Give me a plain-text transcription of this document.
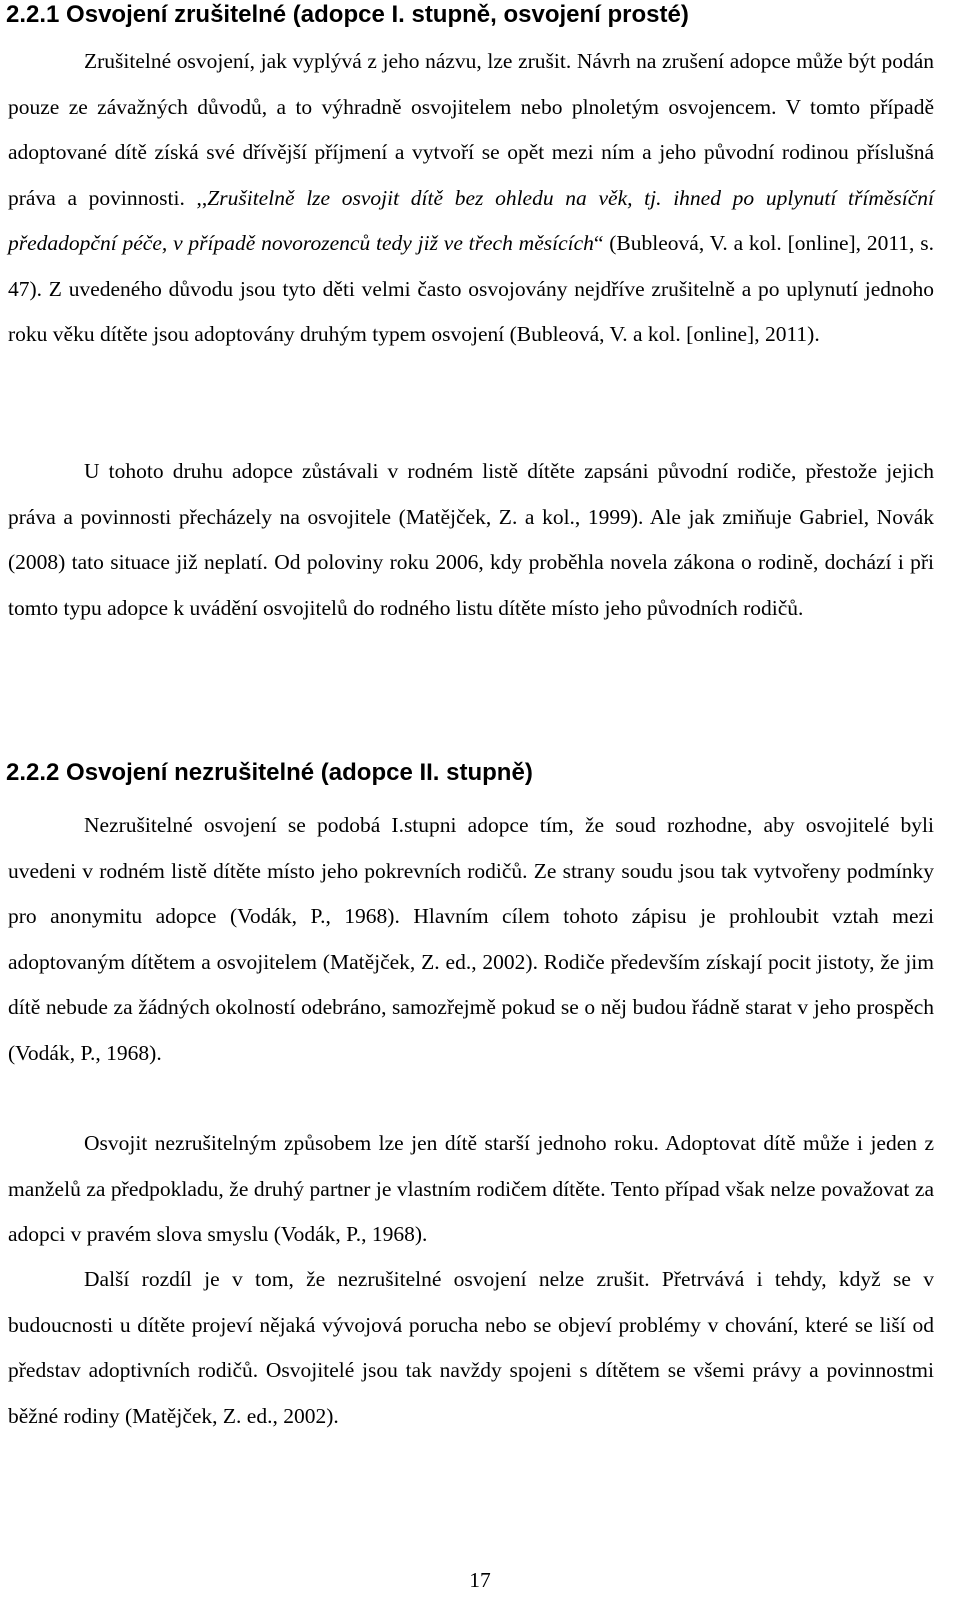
2.2.1 Osvojení zrušitelné (adopce I. stupně, osvojení prosté)

Zrušitelné osvojení, jak vyplývá z jeho názvu, lze zrušit. Návrh na zrušení adopce může být podán pouze ze závažných důvodů, a to výhradně osvojitelem nebo plnoletým osvojencem. V tomto případě adoptované dítě získá své dřívější příjmení a vytvoří se opět mezi ním a jeho původní rodinou příslušná práva a povinnosti. ,,Zrušitelně lze osvojit dítě bez ohledu na věk, tj. ihned po uplynutí tříměsíční předadopční péče, v případě novorozenců tedy již ve třech měsících“ (Bubleová, V. a kol. [online], 2011, s. 47). Z uvedeného důvodu jsou tyto děti velmi často osvojovány nejdříve zrušitelně a po uplynutí jednoho roku věku dítěte jsou adoptovány druhým typem osvojení (Bubleová, V. a kol. [online], 2011).

U tohoto druhu adopce zůstávali v rodném listě dítěte zapsáni původní rodiče, přestože jejich práva a povinnosti přecházely na osvojitele (Matějček, Z. a kol., 1999). Ale jak zmiňuje Gabriel, Novák (2008) tato situace již neplatí. Od poloviny roku 2006, kdy proběhla novela zákona o rodině, dochází i při tomto typu adopce k uvádění osvojitelů do rodného listu dítěte místo jeho původních rodičů.

2.2.2 Osvojení nezrušitelné (adopce II. stupně)

Nezrušitelné osvojení se podobá I.stupni adopce tím, že soud rozhodne, aby osvojitelé byli uvedeni v rodném listě dítěte místo jeho pokrevních rodičů. Ze strany soudu jsou tak vytvořeny podmínky pro anonymitu adopce (Vodák, P., 1968). Hlavním cílem tohoto zápisu je prohloubit vztah mezi adoptovaným dítětem a osvojitelem (Matějček, Z. ed., 2002). Rodiče především získají pocit jistoty, že jim dítě nebude za žádných okolností odebráno, samozřejmě pokud se o něj budou řádně starat v jeho prospěch (Vodák, P., 1968).

Osvojit nezrušitelným způsobem lze jen dítě starší jednoho roku. Adoptovat dítě může i jeden z manželů za předpokladu, že druhý partner je vlastním rodičem dítěte. Tento případ však nelze považovat za adopci v pravém slova smyslu (Vodák, P., 1968).

Další rozdíl je v tom, že nezrušitelné osvojení nelze zrušit. Přetrvává i tehdy, když se v budoucnosti u dítěte projeví nějaká vývojová porucha nebo se objeví problémy v chování, které se liší od představ adoptivních rodičů. Osvojitelé jsou tak navždy spojeni s dítětem se všemi právy a povinnostmi běžné rodiny (Matějček, Z. ed., 2002).

17
